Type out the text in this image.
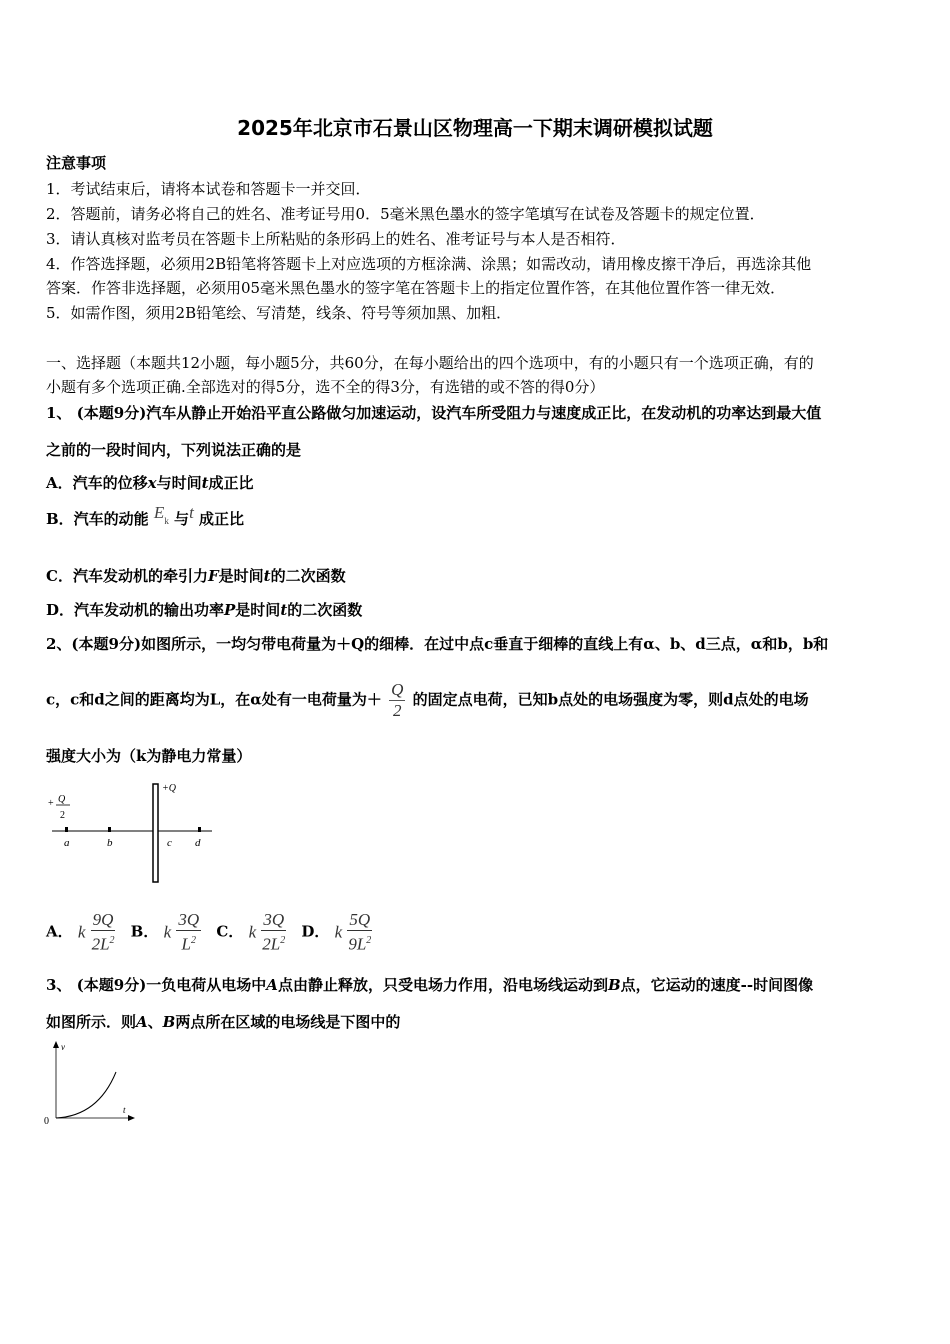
2025年北京市石景山区物理高一下期末调研模拟试题
注意事项
1．考试结束后，请将本试卷和答题卡一并交回．
2．答题前，请务必将自己的姓名、准考证号用0．5毫米黑色墨水的签字笔填写在试卷及答题卡的规定位置．
3．请认真核对监考员在答题卡上所粘贴的条形码上的姓名、准考证号与本人是否相符．
4．作答选择题，必须用2B铅笔将答题卡上对应选项的方框涂满、涂黑；如需改动，请用橡皮擦干净后，再选涂其他
答案．作答非选择题，必须用05毫米黑色墨水的签字笔在答题卡上的指定位置作答，在其他位置作答一律无效．
5．如需作图，须用2B铅笔绘、写清楚，线条、符号等须加黑、加粗．
一、选择题（本题共12小题，每小题5分，共60分，在每小题给出的四个选项中，有的小题只有一个选项正确，有的
小题有多个选项正确.全部选对的得5分，选不全的得3分，有选错的或不答的得0分）
1、 (本题9分)汽车从静止开始沿平直公路做匀加速运动，设汽车所受阻力与速度成正比，在发动机的功率达到最大值
之前的一段时间内，下列说法正确的是
A．汽车的位移x与时间t成正比
B．汽车的动能 Ek 与t 成正比
C．汽车发动机的牵引力F是时间t的二次函数
D．汽车发动机的输出功率P是时间t的二次函数
2、(本题9分)如图所示，一均匀带电荷量为＋Q的细棒．在过中点c垂直于细棒的直线上有α、b、d三点，α和b，b和
c，c和d之间的距离均为L，在α处有一电荷量为＋ $\frac{Q}{2}$ 的固定点电荷，已知b点处的电场强度为零，则d点处的电场
强度大小为（k为静电力常量）
+ Q
2
+Q
a	b	c d
A． k $\frac{9Q}{2L^2}$ B． k $\frac{3Q}{L^2}$ C． k $\frac{3Q}{2L^2}$ D． k $\frac{5Q}{9L^2}$
3、 (本题9分)一负电荷从电场中A点由静止释放，只受电场力作用，沿电场线运动到B点，它运动的速度--时间图像
如图所示．则A、B两点所在区域的电场线是下图中的
v
t
0
